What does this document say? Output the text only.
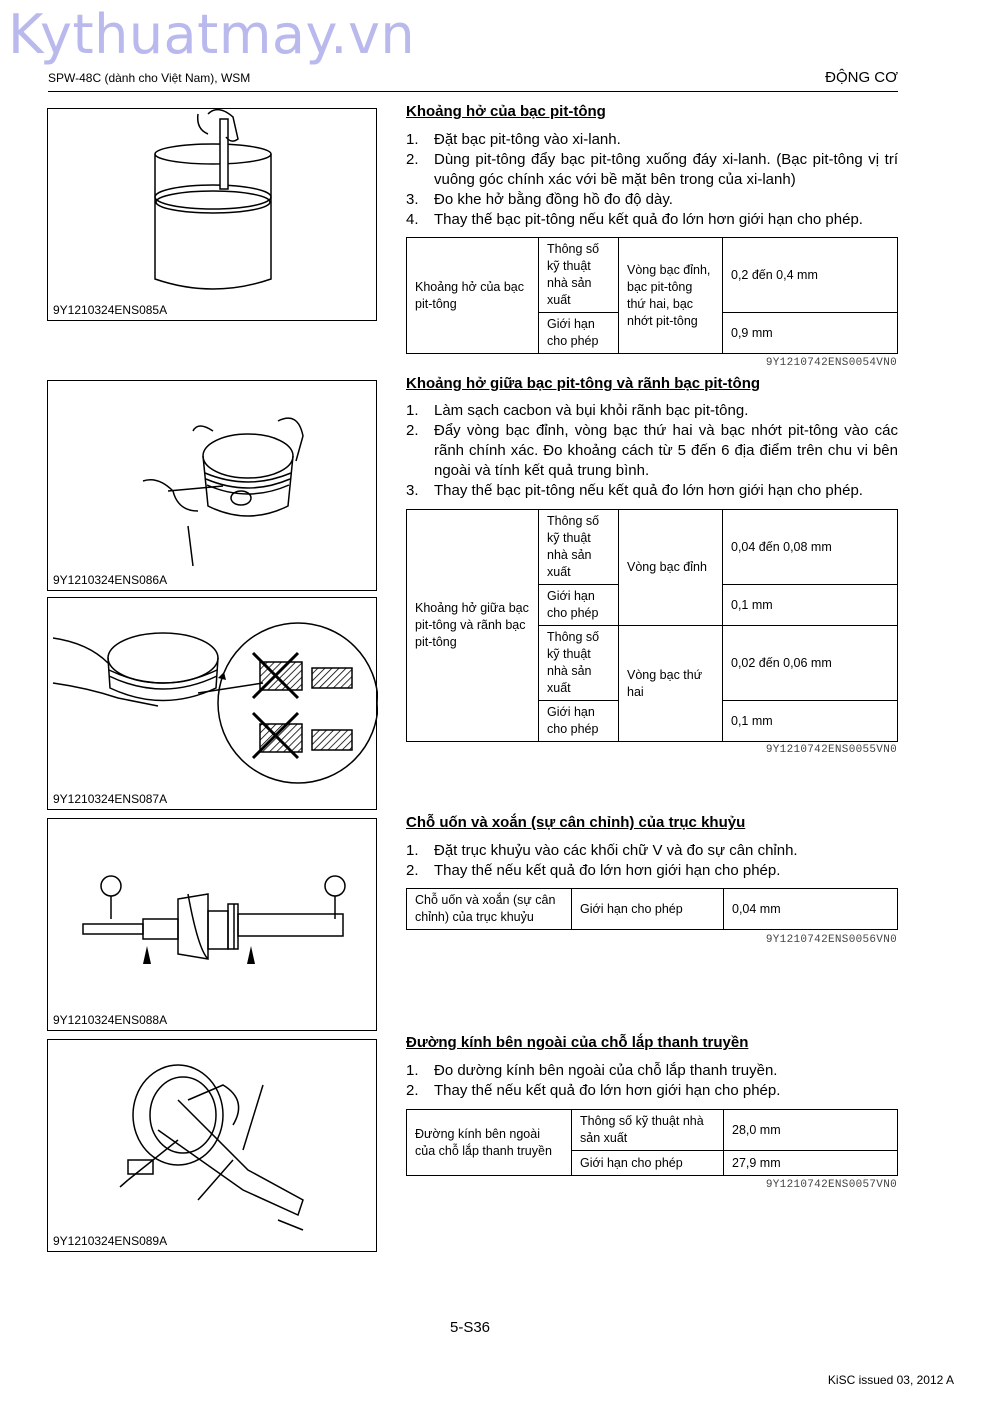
Kythuatmay.vn
SPW-48C (dành cho Việt Nam), WSM	ĐỘNG CƠ
9Y1210324ENS085A
9Y1210324ENS086A
9Y1210324ENS087A
9Y1210324ENS088A
9Y1210324ENS089A
Khoảng hở của bạc pit-tông
1. Đặt bạc pit-tông vào xi-lanh.
2. Dùng pit-tông đẩy bạc pit-tông xuống đáy xi-lanh. (Bạc pit-tông vị trí vuông góc chính xác với bề mặt bên trong của xi-lanh)
3. Đo khe hở bằng đồng hồ đo độ dày.
4. Thay thế bạc pit-tông nếu kết quả đo lớn hơn giới hạn cho phép.
Khoảng hở của bạc pit-tông	Thông số kỹ thuật nhà sản xuất	Vòng bạc đỉnh, bạc pit-tông thứ hai, bạc nhớt pit-tông	0,2 đến 0,4 mm
	Giới hạn cho phép		0,9 mm
9Y1210742ENS0054VN0
Khoảng hở giữa bạc pit-tông và rãnh bạc pit-tông
1. Làm sạch cacbon và bụi khỏi rãnh bạc pit-tông.
2. Đẩy vòng bạc đỉnh, vòng bạc thứ hai và bạc nhớt pit-tông vào các rãnh chính xác. Đo khoảng cách từ 5 đến 6 địa điểm trên chu vi bên ngoài và tính kết quả trung bình.
3. Thay thế bạc pit-tông nếu kết quả đo lớn hơn giới hạn cho phép.
Khoảng hở giữa bạc pit-tông và rãnh bạc pit-tông	Thông số kỹ thuật nhà sản xuất	Vòng bạc đỉnh	0,04 đến 0,08 mm
	Giới hạn cho phép		0,1 mm
	Thông số kỹ thuật nhà sản xuất	Vòng bạc thứ hai	0,02 đến 0,06 mm
	Giới hạn cho phép		0,1 mm
9Y1210742ENS0055VN0
Chỗ uốn và xoắn (sự cân chỉnh) của trục khuỷu
1. Đặt trục khuỷu vào các khối chữ V và đo sự cân chỉnh.
2. Thay thế nếu kết quả đo lớn hơn giới hạn cho phép.
Chỗ uốn và xoắn (sự cân chỉnh) của trục khuỷu	Giới hạn cho phép	0,04 mm
9Y1210742ENS0056VN0
Đường kính bên ngoài của chỗ lắp thanh truyền
1. Đo dường kính bên ngoài của chỗ lắp thanh truyền.
2. Thay thế nếu kết quả đo lớn hơn giới hạn cho phép.
Đường kính bên ngoài của chỗ lắp thanh truyền	Thông số kỹ thuật nhà sản xuất	28,0 mm
	Giới hạn cho phép	27,9 mm
9Y1210742ENS0057VN0
5-S36
KiSC issued 03, 2012 A
